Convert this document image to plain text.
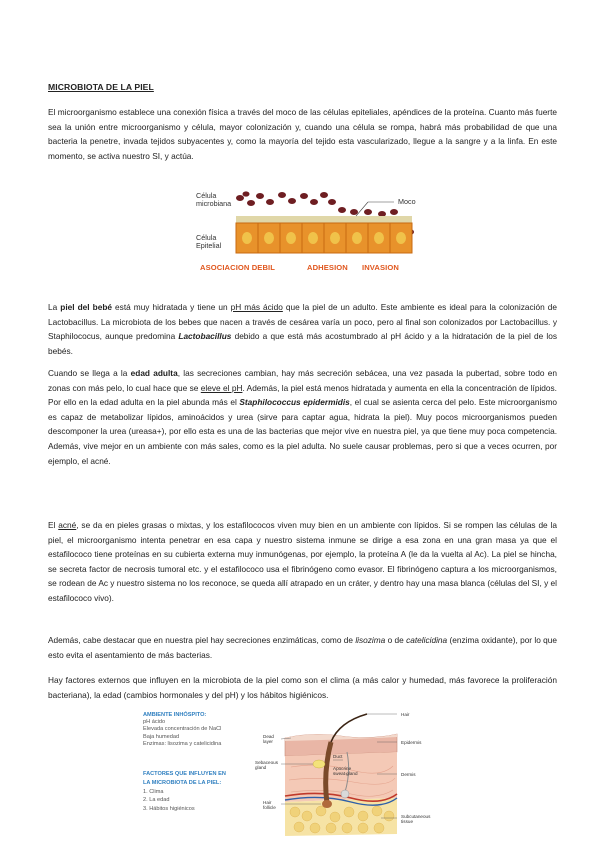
MICROBIOTA DE LA PIEL

El microorganismo establece una conexión física a través del moco de las células epiteliales, apéndices de la proteína. Cuanto más fuerte sea la unión entre microorganismo y célula, mayor colonización y, cuando una célula se rompa, habrá más probabilidad de que una bacteria la penetre, invada tejidos subyacentes y, como la mayoría del tejido esta vascularizado, llegue a la sangre y a la linfa. En este momento, se activa nuestro SI, y actúa.

Célula microbiana	Moco
Célula Epitelial
ASOCIACION DEBIL	ADHESION INVASION

La piel del bebé está muy hidratada y tiene un pH más ácido que la piel de un adulto. Este ambiente es ideal para la colonización de Lactobacillus. La microbiota de los bebes que nacen a través de cesárea varía un poco, pero al final son colonizados por Lactobacillus. y Staphilococus, aunque predomina Lactobacillus debido a que está más acostumbrado al pH ácido y a la hidratación de la piel de los bebés.

Cuando se llega a la edad adulta, las secreciones cambian, hay más secreción sebácea, una vez pasada la pubertad, sobre todo en zonas con más pelo, lo cual hace que se eleve el pH. Además, la piel está menos hidratada y aumenta en ella la concentración de lípidos. Por ello en la edad adulta en la piel abunda más el Staphilococcus epidermidis, el cual se asienta cerca del pelo. Este microorganismo es capaz de metabolizar lípidos, aminoácidos y urea (sirve para captar agua, hidrata la piel). Muy pocos microorganismos pueden descomponer la urea (ureasa+), por ello esta es una de las bacterias que mejor vive en nuestra piel, ya que tiene muy poca competencia. Además, vive mejor en un ambiente con más sales, como es la piel adulta. No suele causar problemas, pero si que a veces ocurren, por ejemplo, el acné.

El acné, se da en pieles grasas o mixtas, y los estafilococos viven muy bien en un ambiente con lípidos. Si se rompen las células de la piel, el microorganismo intenta penetrar en esa capa y nuestro sistema inmune se dirige a esa zona en una gran masa ya que el estafilococo tiene proteínas en su cubierta externa muy inmunógenas, por ejemplo, la proteína A (le da la vuelta al Ac). La piel se hincha, se secreta factor de necrosis tumoral etc. y el estafilococo usa el fibrinógeno como evasor. El fibrinógeno captura a los microorganismos, se rodean de Ac y nuestro sistema no los reconoce, se queda allí atrapado en un cráter, y dentro hay una masa blanca (células del SI, y el estafilococo vivo).

Además, cabe destacar que en nuestra piel hay secreciones enzimáticas, como de lisozima o de catelicidina (enzima oxidante), por lo que esto evita el asentamiento de más bacterias.

Hay factores externos que influyen en la microbiota de la piel como son el clima (a más calor y humedad, más favorece la proliferación bacteriana), la edad (cambios hormonales y del pH) y los hábitos higiénicos.

AMBIENTE INHÓSPITO:
pH ácido
Elevada concentración de NaCl
Baja humedad
Enzimas: lisozima y catelicidina
FACTORES QUE INFLUYEN EN
LA MICROBIOTA DE LA PIEL:
1. Clima
2. La edad
3. Hábitos higiénicos
Hair
Dead layer	Epidermis
Dermis
Duct
Sebaceous gland	Apocrine sweat gland
Subcutaneous tissue
Hair follicle
